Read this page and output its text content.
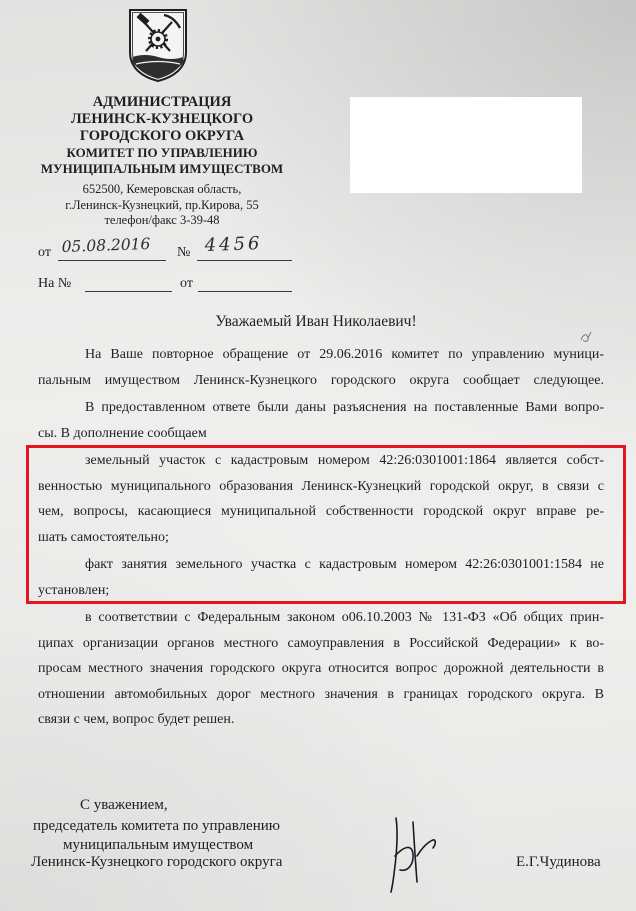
АДМИНИСТРАЦИЯ
ЛЕНИНСК-КУЗНЕЦКОГО
ГОРОДСКОГО ОКРУГА
КОМИТЕТ ПО УПРАВЛЕНИЮ
МУНИЦИПАЛЬНЫМ ИМУЩЕСТВОМ
652500, Кемеровская область,
г.Ленинск-Кузнецкий, пр.Кирова, 55
телефон/факс 3-39-48
от 05.08.2016 № 4456
На №	от
Уважаемый Иван Николаевич!
На Ваше повторное обращение от 29.06.2016 комитет по управлению муници-
пальным имуществом Ленинск-Кузнецкого городского округа сообщает следующее.
В предоставленном ответе были даны разъяснения на поставленные Вами вопро-
сы. В дополнение сообщаем
земельный участок с кадастровым номером 42:26:0301001:1864 является собст-
венностью муниципального образования Ленинск-Кузнецкий городской округ, в связи с
чем, вопросы, касающиеся муниципальной собственности городской округ вправе ре-
шать самостоятельно;
факт занятия земельного участка с кадастровым номером 42:26:0301001:1584 не
установлен;
в соответствии с Федеральным законом о06.10.2003 № 131-ФЗ «Об общих прин-
ципах организации органов местного самоуправления в Российской Федерации» к во-
просам местного значения городского округа относится вопрос дорожной деятельности в
отношении автомобильных дорог местного значения в границах городского округа. В
связи с чем, вопрос будет решен.
С уважением,
председатель комитета по управлению
муниципальным имуществом
Ленинск-Кузнецкого городского округа	Е.Г.Чудинова
